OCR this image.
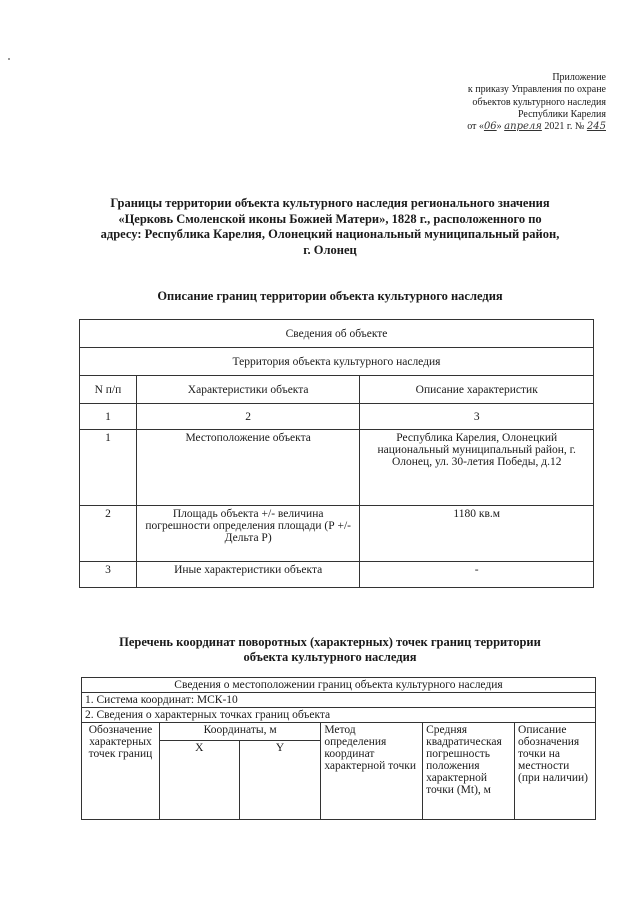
Приложение
к приказу Управления по охране
объектов культурного наследия
Республики Карелия
от «06» апреля 2021 г. № 245
Границы территории объекта культурного наследия регионального значения
«Церковь Смоленской иконы Божией Матери», 1828 г., расположенного по
адресу: Республика Карелия, Олонецкий национальный муниципальный район,
г. Олонец
Описание границ территории объекта культурного наследия
Сведения об объекте		
Территория объекта культурного наследия		
N п/п	Характеристики объекта	Описание характеристик
1	2	3
1	Местоположение объекта	Республика Карелия, Олонецкий национальный муниципальный район, г. Олонец, ул. 30-летия Победы, д.12
2	Площадь объекта +/- величина погрешности определения площади (Р +/- Дельта Р)	1180 кв.м
3	Иные характеристики объекта	-
Перечень координат поворотных (характерных) точек границ территории
объекта культурного наследия
Сведения о местоположении границ объекта культурного наследия					
1. Система координат: МСК-10					
2. Сведения о характерных точках границ объекта					
Обозначение характерных точек границ	Координаты, м		Метод определения координат характерной точки	Средняя квадратическая погрешность положения характерной точки (Mt), м	Описание обозначения точки на местности (при наличии)
	X	Y			
